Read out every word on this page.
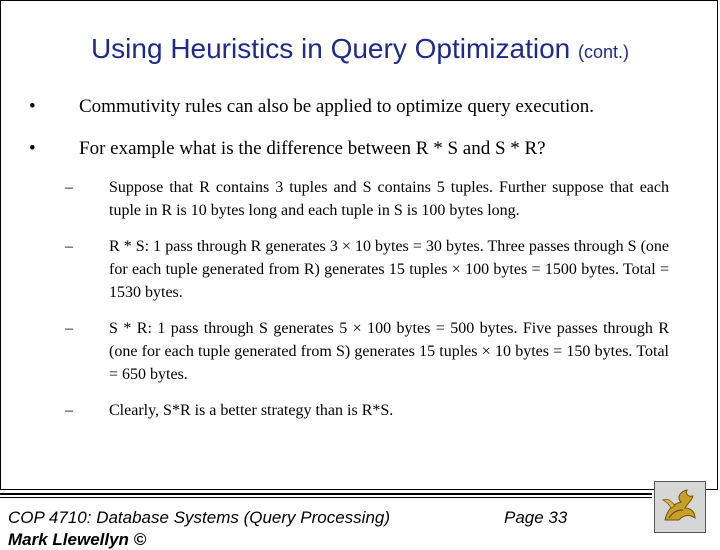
Using Heuristics in Query Optimization (cont.)
•	Commutivity rules can also be applied to optimize query execution.
•	For example what is the difference between R * S and S * R?
– Suppose that R contains 3 tuples and S contains 5 tuples. Further suppose that each tuple in R is 10 bytes long and each tuple in S is 100 bytes long.
– R * S: 1 pass through R generates 3 × 10 bytes = 30 bytes. Three passes through S (one for each tuple generated from R) generates 15 tuples × 100 bytes = 1500 bytes. Total = 1530 bytes.
– S * R: 1 pass through S generates 5 × 100 bytes = 500 bytes. Five passes through R (one for each tuple generated from S) generates 15 tuples × 10 bytes = 150 bytes. Total = 650 bytes.
– Clearly, S*R is a better strategy than is R*S.
COP 4710: Database Systems (Query Processing)	Page 33
Mark Llewellyn ©
